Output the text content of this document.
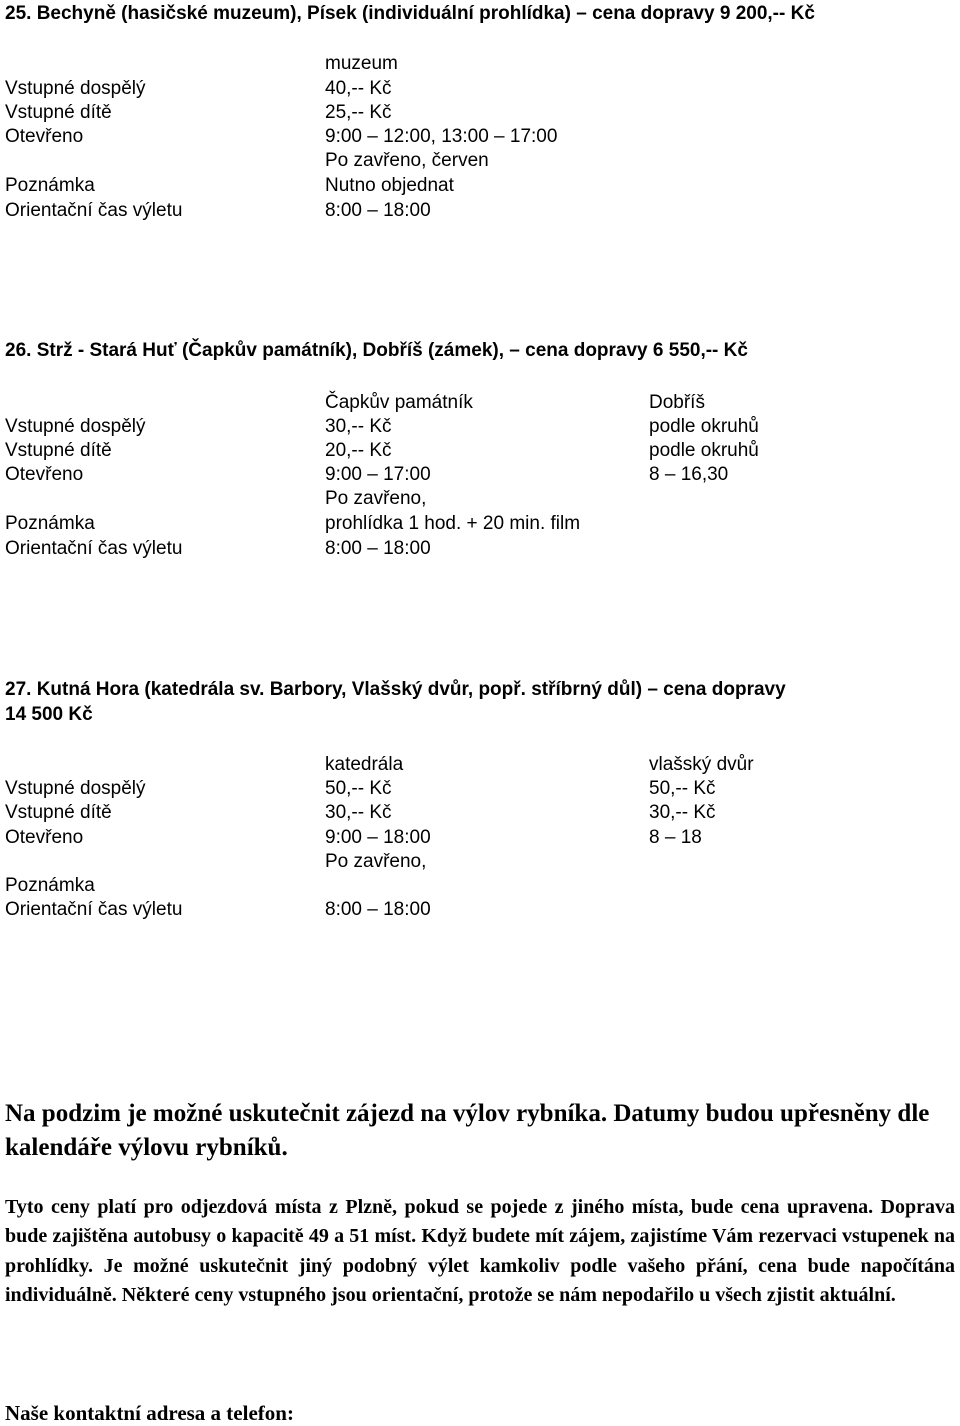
25. Bechyně (hasičské muzeum), Písek (individuální prohlídka) – cena dopravy 9 200,-- Kč
muzeum
Vstupné dospělý	40,-- Kč
Vstupné dítě	25,-- Kč
Otevřeno	9:00 – 12:00, 13:00 – 17:00
Po zavřeno, červen
Poznámka	Nutno objednat
Orientační čas výletu	8:00 – 18:00
26. Strž - Stará Huť (Čapkův památník), Dobříš (zámek), – cena dopravy 6 550,-- Kč
Čapkův památník	Dobříš
Vstupné dospělý	30,-- Kč	podle okruhů
Vstupné dítě	20,-- Kč	podle okruhů
Otevřeno	9:00 – 17:00	8 – 16,30
Po zavřeno,
Poznámka	prohlídka 1 hod. + 20 min. film
Orientační čas výletu	8:00 – 18:00
27. Kutná Hora (katedrála sv. Barbory, Vlašský dvůr, popř. stříbrný důl) – cena dopravy
14 500 Kč
katedrála	vlašský dvůr
Vstupné dospělý	50,-- Kč	50,-- Kč
Vstupné dítě	30,-- Kč	30,-- Kč
Otevřeno	9:00 – 18:00	8 – 18
Po zavřeno,
Poznámka
Orientační čas výletu	8:00 – 18:00

Na podzim je možné uskutečnit zájezd na výlov rybníka. Datumy budou upřesněny dle kalendáře výlovu rybníků.

Tyto ceny platí pro odjezdová místa z Plzně, pokud se pojede z jiného místa, bude cena upravena. Doprava bude zajištěna autobusy o kapacitě 49 a 51 míst. Když budete mít zájem, zajistíme Vám rezervaci vstupenek na prohlídky. Je možné uskutečnit jiný podobný výlet kamkoliv podle vašeho přání, cena bude napočítána individuálně. Některé ceny vstupného jsou orientační, protože se nám nepodařilo u všech zjistit aktuální.

Naše kontaktní adresa a telefon:
